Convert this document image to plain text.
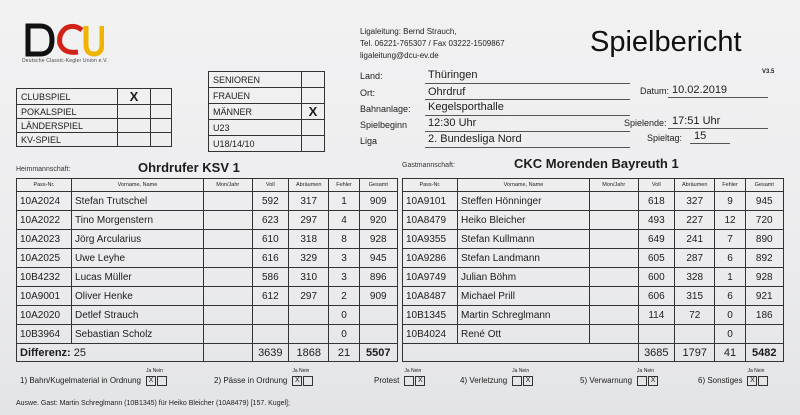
Deutsche Classic-Kegler Union e.V.
Ligaleitung: Bernd Strauch,
Tel. 06221-765307 / Fax 03222-1509867
ligaleitung@dcu-ev.de	Spielbericht
V3.5
CLUBSPIEL	X	
POKALSPIEL		
LÄNDERSPIEL		
KV-SPIEL		
SENIOREN	
FRAUEN	
MÄNNER	X
U23	
U18/14/10	
Land:	Thüringen
Ort:	Ohrdruf	Datum: 10.02.2019
Bahnanlage: Kegelsporthalle
Spielbeginn 12:30 Uhr	Spielende: 17:51 Uhr
Liga	2. Bundesliga Nord	Spieltag: 15
Heimmannschaft:	Ohrdrufer KSV 1	Gastmannschaft:	CKC Morenden Bayreuth 1
Pass-Nr.	Vorname, Name	Mon/Jahr	Voll	Abräumen	Fehler	Gesamt
10A2024	Stefan Trutschel		592	317	1	909
10A2022	Tino Morgenstern		623	297	4	920
10A2023	Jörg Arcularius		610	318	8	928
10A2025	Uwe Leyhe		616	329	3	945
10B4232	Lucas Müller		586	310	3	896
10A9001	Oliver Henke		612	297	2	909
10A2020	Detlef Strauch				0	
10B3964	Sebastian Scholz				0	
Differenz: 25			3639	1868	21	5507
Pass-Nr.	Vorname, Name	Mon/Jahr	Voll	Abräumen	Fehler	Gesamt
10A9101	Steffen Hönninger		618	327	9	945
10A8479	Heiko Bleicher		493	227	12	720
10A9355	Stefan Kullmann		649	241	7	890
10A9286	Stefan Landmann		605	287	6	892
10A9749	Julian Böhm		600	328	1	928
10A8487	Michael Prill		606	315	6	921
10B1345	Martin Schreglmann		114	72	0	186
10B4024	René Ott				0	
			3685	1797	41	5482
1) Bahn/Kugelmaterial in Ordnung
Ja Nein
X	2) Pässe in Ordnung
Ja Nein
X	Protest
Ja Nein
X	4) Verletzung
Ja Nein
X	5) Verwarnung
Ja Nein
X	6) Sonstiges
Ja Nein
X
Auswe. Gast: Martin Schreglmann (10B1345) für Heiko Bleicher (10A8479) [157. Kugel];
